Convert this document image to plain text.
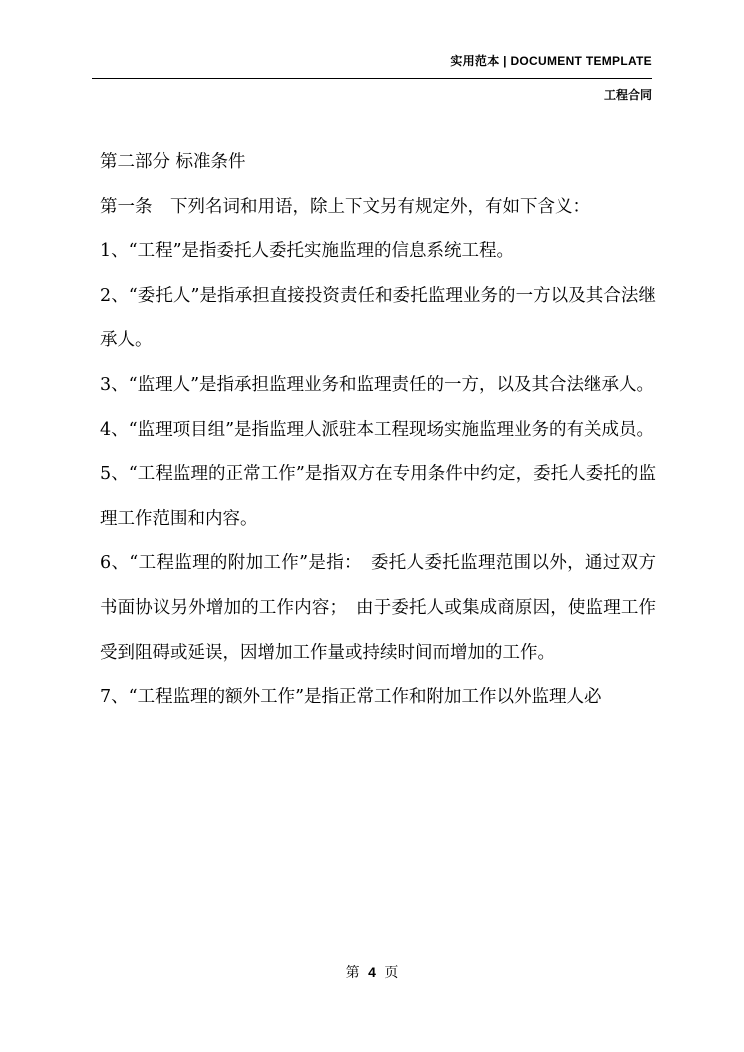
实用范本 | DOCUMENT TEMPLATE
工程合同

第二部分 标准条件

第一条　下列名词和用语，除上下文另有规定外，有如下含义：

1、“工程”是指委托人委托实施监理的信息系统工程。

2、“委托人”是指承担直接投资责任和委托监理业务的一方以及其合法继承人。

3、“监理人”是指承担监理业务和监理责任的一方，以及其合法继承人。

4、“监理项目组”是指监理人派驻本工程现场实施监理业务的有关成员。

5、“工程监理的正常工作”是指双方在专用条件中约定，委托人委托的监理工作范围和内容。

6、“工程监理的附加工作”是指：　委托人委托监理范围以外，通过双方书面协议另外增加的工作内容；　由于委托人或集成商原因，使监理工作受到阻碍或延误，因增加工作量或持续时间而增加的工作。

7、“工程监理的额外工作”是指正常工作和附加工作以外监理人必

第 4 页
